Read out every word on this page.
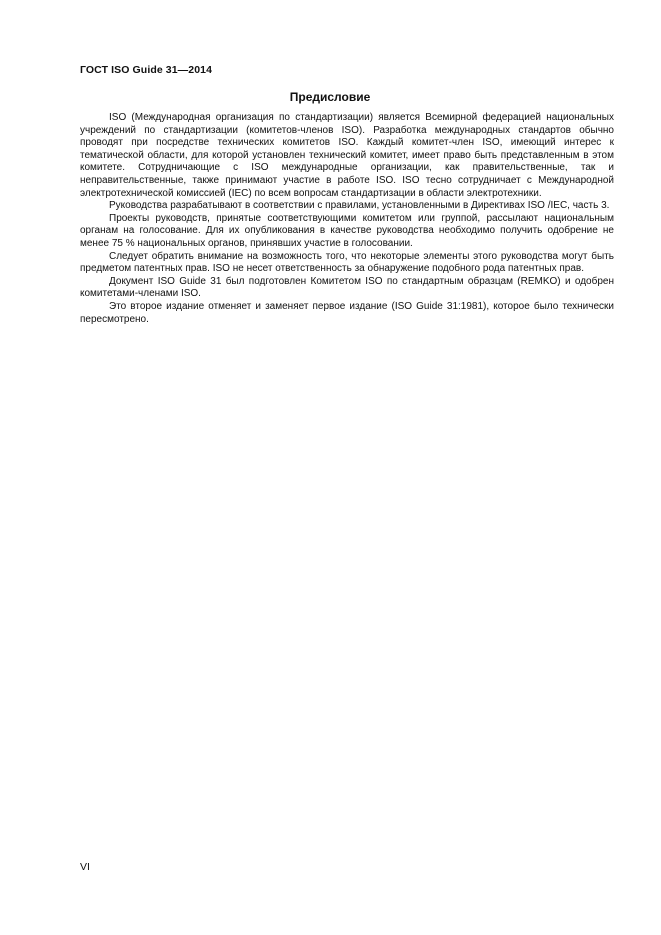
ГОСТ ISO Guide 31—2014
Предисловие

ISO (Международная организация по стандартизации) является Всемирной федерацией национальных учреждений по стандартизации (комитетов-членов ISO). Разработка международных стандартов обычно проводят при посредстве технических комитетов ISO. Каждый комитет-член ISO, имеющий интерес к тематической области, для которой установлен технический комитет, имеет право быть представленным в этом комитете. Сотрудничающие с ISO международные организации, как правительственные, так и неправительственные, также принимают участие в работе ISO. ISO тесно сотрудничает с Международной электротехнической комиссией (IEC) по всем вопросам стандартизации в области электротехники.

Руководства разрабатывают в соответствии с правилами, установленными в Директивах ISO /IEC, часть 3.

Проекты руководств, принятые соответствующими комитетом или группой, рассылают национальным органам на голосование. Для их опубликования в качестве руководства необходимо получить одобрение не менее 75 % национальных органов, принявших участие в голосовании.

Следует обратить внимание на возможность того, что некоторые элементы этого руководства могут быть предметом патентных прав. ISO не несет ответственность за обнаружение подобного рода патентных прав.

Документ ISO Guide 31 был подготовлен Комитетом ISO по стандартным образцам (REMKO) и одобрен комитетами-членами ISO.

Это второе издание отменяет и заменяет первое издание (ISO Guide 31:1981), которое было технически пересмотрено.

VI
